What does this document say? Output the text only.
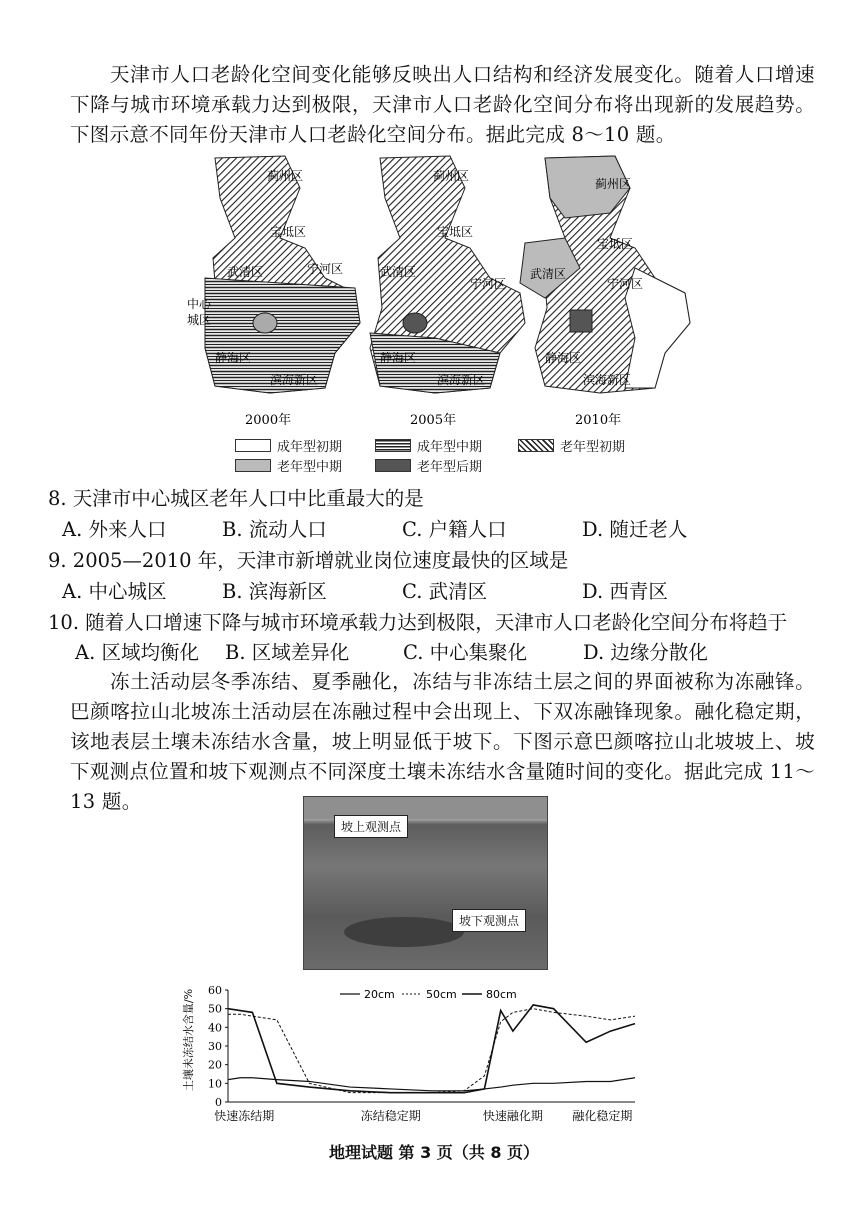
天津市人口老龄化空间变化能够反映出人口结构和经济发展变化。随着人口增速下降与城市环境承载力达到极限，天津市人口老龄化空间分布将出现新的发展趋势。下图示意不同年份天津市人口老龄化空间分布。据此完成 8～10 题。
蓟州区
宝坻区
武清区	宁河区
静海区
滨海新区
蓟州区
宝坻区
武清区
宁河区
静海区
滨海新区
蓟州区
宝坻区
武清区
宁河区
静海区
滨海新区
中心
城区
2000年	2005年	2010年
成年型初期	成年型中期	老年型初期
老年型中期	老年型后期
8. 天津市中心城区老年人口中比重最大的是
A. 外来人口	B. 流动人口	C. 户籍人口	D. 随迁老人
9. 2005—2010 年，天津市新增就业岗位速度最快的区域是
A. 中心城区	B. 滨海新区	C. 武清区	D. 西青区
10. 随着人口增速下降与城市环境承载力达到极限，天津市人口老龄化空间分布将趋于
A. 区域均衡化 B. 区域差异化	C. 中心集聚化	D. 边缘分散化
冻土活动层冬季冻结、夏季融化，冻结与非冻结土层之间的界面被称为冻融锋。巴颜喀拉山北坡冻土活动层在冻融过程中会出现上、下双冻融锋现象。融化稳定期，该地表层土壤未冻结水含量，坡上明显低于坡下。下图示意巴颜喀拉山北坡坡上、坡下观测点位置和坡下观测点不同深度土壤未冻结水含量随时间的变化。据此完成 11～13 题。
坡上观测点
坡下观测点
60
50
40
30
20
10
0
土壤未冻结水含量/%	20cm	50cm	80cm
快速冻结期	冻结稳定期	快速融化期 融化稳定期
地理试题 第 3 页（共 8 页）
